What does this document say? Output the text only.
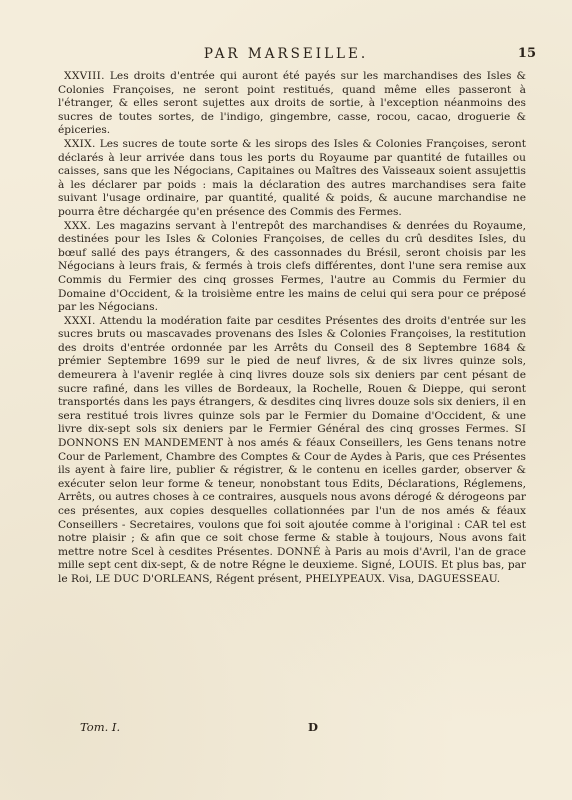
PAR MARSEILLE.	15

XXVIII. Les droits d'entrée qui auront été payés sur les marchandises des Isles & Colonies Françoises, ne seront point restitués, quand même elles passeront à l'étranger, & elles seront sujettes aux droits de sortie, à l'exception néanmoins des sucres de toutes sortes, de l'indigo, gingembre, casse, rocou, cacao, droguerie & épiceries.

XXIX. Les sucres de toute sorte & les sirops des Isles & Colonies Françoises, seront déclarés à leur arrivée dans tous les ports du Royaume par quantité de futailles ou caisses, sans que les Négocians, Capitaines ou Maîtres des Vaisseaux soient assujettis à les déclarer par poids : mais la déclaration des autres marchandises sera faite suivant l'usage ordinaire, par quantité, qualité & poids, & aucune marchandise ne pourra être déchargée qu'en présence des Commis des Fermes.

XXX. Les magazins servant à l'entrepôt des marchandises & denrées du Royaume, destinées pour les Isles & Colonies Françoises, de celles du crû desdites Isles, du bœuf sallé des pays étrangers, & des cassonnades du Brésil, seront choisis par les Négocians à leurs frais, & fermés à trois clefs différentes, dont l'une sera remise aux Commis du Fermier des cinq grosses Fermes, l'autre au Commis du Fermier du Domaine d'Occident, & la troisième entre les mains de celui qui sera pour ce préposé par les Négocians.

XXXI. Attendu la modération faite par cesdites Présentes des droits d'entrée sur les sucres bruts ou mascavades provenans des Isles & Colonies Françoises, la restitution des droits d'entrée ordonnée par les Arrêts du Conseil des 8 Septembre 1684 & prémier Septembre 1699 sur le pied de neuf livres, & de six livres quinze sols, demeurera à l'avenir reglée à cinq livres douze sols six deniers par cent pésant de sucre rafiné, dans les villes de Bordeaux, la Rochelle, Rouen & Dieppe, qui seront transportés dans les pays étrangers, & desdites cinq livres douze sols six deniers, il en sera restitué trois livres quinze sols par le Fermier du Domaine d'Occident, & une livre dix-sept sols six deniers par le Fermier Général des cinq grosses Fermes. SI DONNONS EN MANDEMENT à nos amés & féaux Conseillers, les Gens tenans notre Cour de Parlement, Chambre des Comptes & Cour de Aydes à Paris, que ces Présentes ils ayent à faire lire, publier & régistrer, & le contenu en icelles garder, observer & exécuter selon leur forme & teneur, nonobstant tous Edits, Déclarations, Réglemens, Arrêts, ou autres choses à ce contraires, ausquels nous avons dérogé & dérogeons par ces présentes, aux copies desquelles collationnées par l'un de nos amés & féaux Conseillers - Secretaires, voulons que foi soit ajoutée comme à l'original : CAR tel est notre plaisir ; & afin que ce soit chose ferme & stable à toujours, Nous avons fait mettre notre Scel à cesdites Présentes. DONNÉ à Paris au mois d'Avril, l'an de grace mille sept cent dix-sept, & de notre Régne le deuxieme. Signé, LOUIS. Et plus bas, par le Roi, LE DUC D'ORLEANS, Régent présent, PHELYPEAUX. Visa, DAGUESSEAU.

Tom. I.	D
